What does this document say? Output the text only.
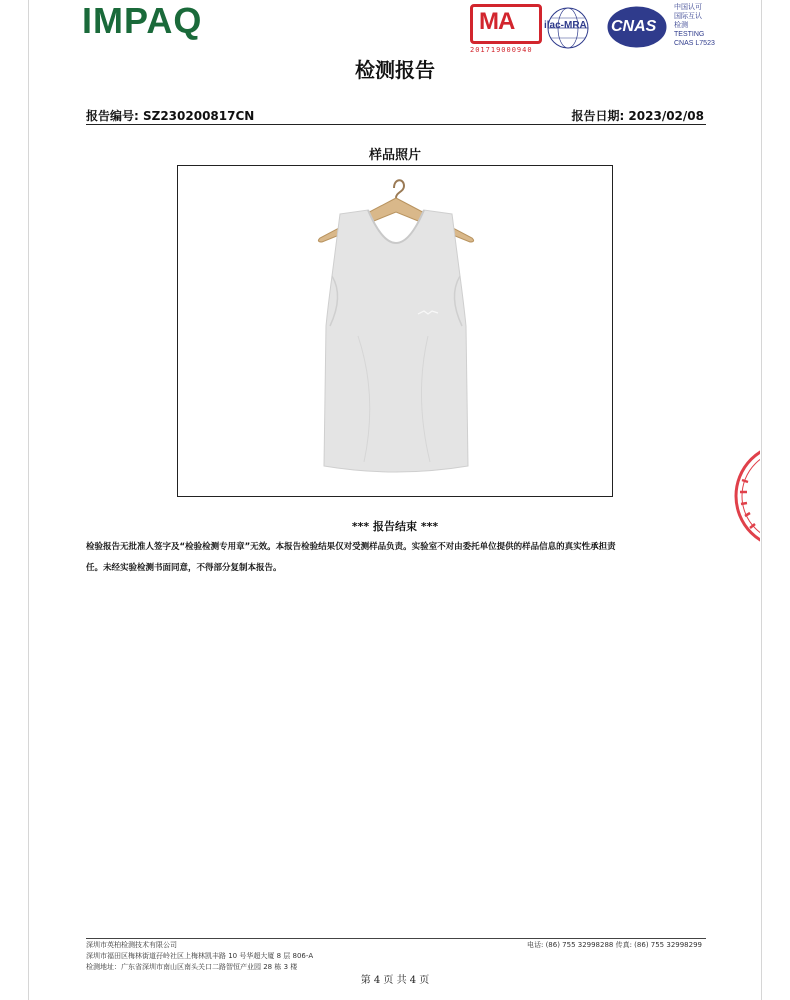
IMPAQ	MA
201719000940
ilac-MRA CNAS
中国认可
国际互认
检测
TESTING
CNAS L7523
检测报告
报告编号: SZ230200817CN	报告日期: 2023/02/08
样品照片
*** 报告结束 ***
检验报告无批准人签字及“检验检测专用章”无效。本报告检验结果仅对受测样品负责。实验室不对由委托单位提供的样品信息的真实性承担责
任。未经实验检测书面同意，不得部分复制本报告。
深圳市英柏检测技术有限公司
深圳市福田区梅林街道孖岭社区上梅林凯丰路 10 号华超大厦 8 层 806-A
检测地址：广东省深圳市南山区南头关口二路智恒产业园 28 栋 3 楼
电话: (86) 755 32998288 传真: (86) 755 32998299
第 4 页 共 4 页
